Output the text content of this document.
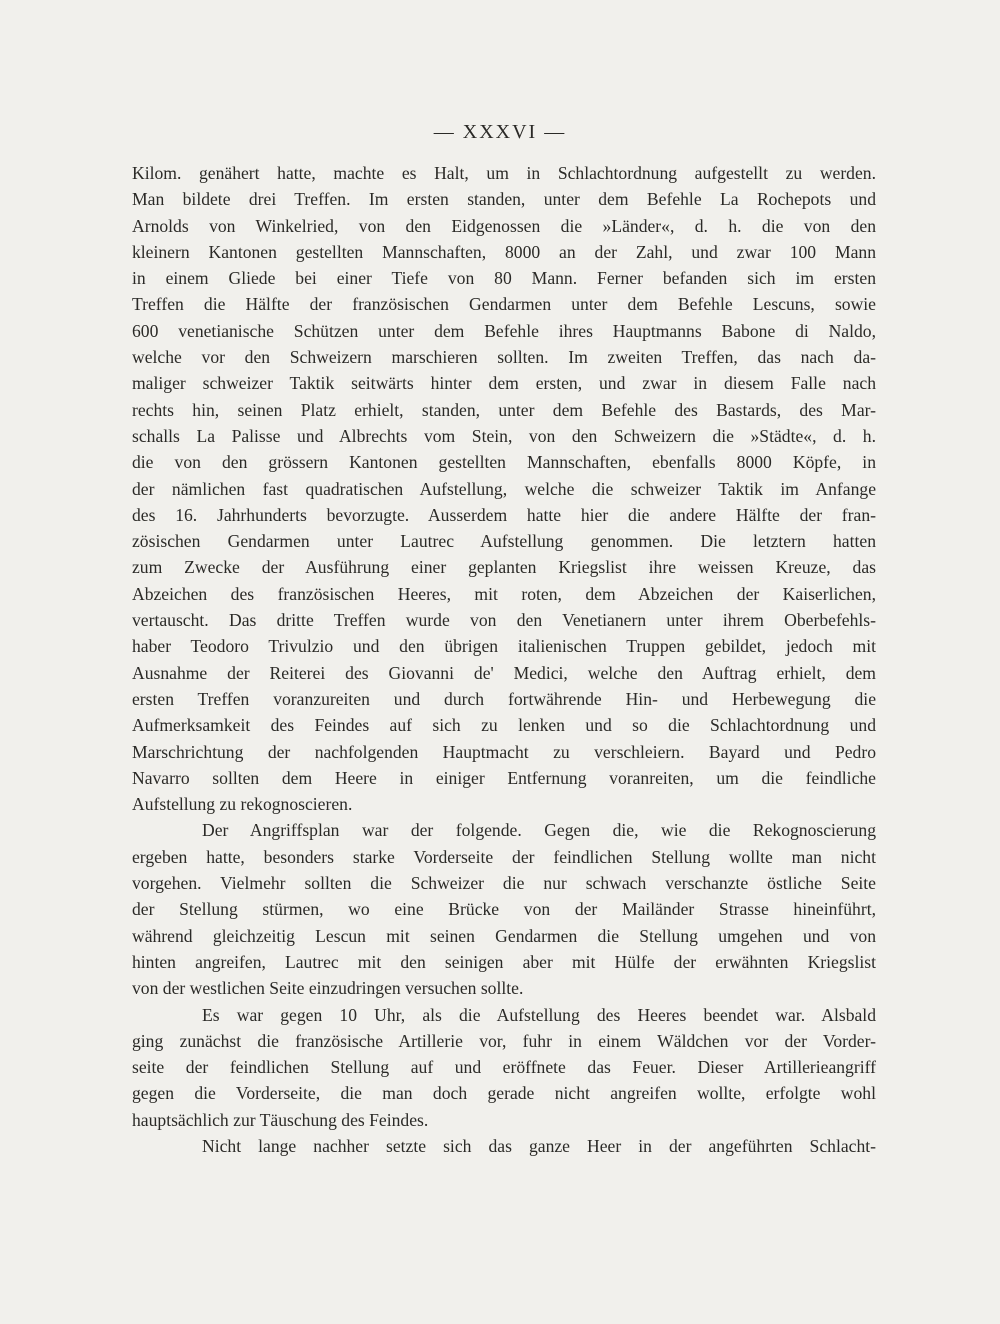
— XXXVI —
Kilom. genähert hatte, machte es Halt, um in Schlachtordnung aufgestellt zu werden.
Man bildete drei Treffen. Im ersten standen, unter dem Befehle La Rochepots und
Arnolds von Winkelried, von den Eidgenossen die »Länder«, d. h. die von den
kleinern Kantonen gestellten Mannschaften, 8000 an der Zahl, und zwar 100 Mann
in einem Gliede bei einer Tiefe von 80 Mann. Ferner befanden sich im ersten
Treffen die Hälfte der französischen Gendarmen unter dem Befehle Lescuns, sowie
600 venetianische Schützen unter dem Befehle ihres Hauptmanns Babone di Naldo,
welche vor den Schweizern marschieren sollten. Im zweiten Treffen, das nach da-
maliger schweizer Taktik seitwärts hinter dem ersten, und zwar in diesem Falle nach
rechts hin, seinen Platz erhielt, standen, unter dem Befehle des Bastards, des Mar-
schalls La Palisse und Albrechts vom Stein, von den Schweizern die »Städte«, d. h.
die von den grössern Kantonen gestellten Mannschaften, ebenfalls 8000 Köpfe, in
der nämlichen fast quadratischen Aufstellung, welche die schweizer Taktik im Anfange
des 16. Jahrhunderts bevorzugte. Ausserdem hatte hier die andere Hälfte der fran-
zösischen Gendarmen unter Lautrec Aufstellung genommen. Die letztern hatten
zum Zwecke der Ausführung einer geplanten Kriegslist ihre weissen Kreuze, das
Abzeichen des französischen Heeres, mit roten, dem Abzeichen der Kaiserlichen,
vertauscht. Das dritte Treffen wurde von den Venetianern unter ihrem Oberbefehls-
haber Teodoro Trivulzio und den übrigen italienischen Truppen gebildet, jedoch mit
Ausnahme der Reiterei des Giovanni de' Medici, welche den Auftrag erhielt, dem
ersten Treffen voranzureiten und durch fortwährende Hin- und Herbewegung die
Aufmerksamkeit des Feindes auf sich zu lenken und so die Schlachtordnung und
Marschrichtung der nachfolgenden Hauptmacht zu verschleiern. Bayard und Pedro
Navarro sollten dem Heere in einiger Entfernung voranreiten, um die feindliche
Aufstellung zu rekognoscieren.
Der Angriffsplan war der folgende. Gegen die, wie die Rekognoscierung
ergeben hatte, besonders starke Vorderseite der feindlichen Stellung wollte man nicht
vorgehen. Vielmehr sollten die Schweizer die nur schwach verschanzte östliche Seite
der Stellung stürmen, wo eine Brücke von der Mailänder Strasse hineinführt,
während gleichzeitig Lescun mit seinen Gendarmen die Stellung umgehen und von
hinten angreifen, Lautrec mit den seinigen aber mit Hülfe der erwähnten Kriegslist
von der westlichen Seite einzudringen versuchen sollte.
Es war gegen 10 Uhr, als die Aufstellung des Heeres beendet war. Alsbald
ging zunächst die französische Artillerie vor, fuhr in einem Wäldchen vor der Vorder-
seite der feindlichen Stellung auf und eröffnete das Feuer. Dieser Artillerieangriff
gegen die Vorderseite, die man doch gerade nicht angreifen wollte, erfolgte wohl
hauptsächlich zur Täuschung des Feindes.
Nicht lange nachher setzte sich das ganze Heer in der angeführten Schlacht-
